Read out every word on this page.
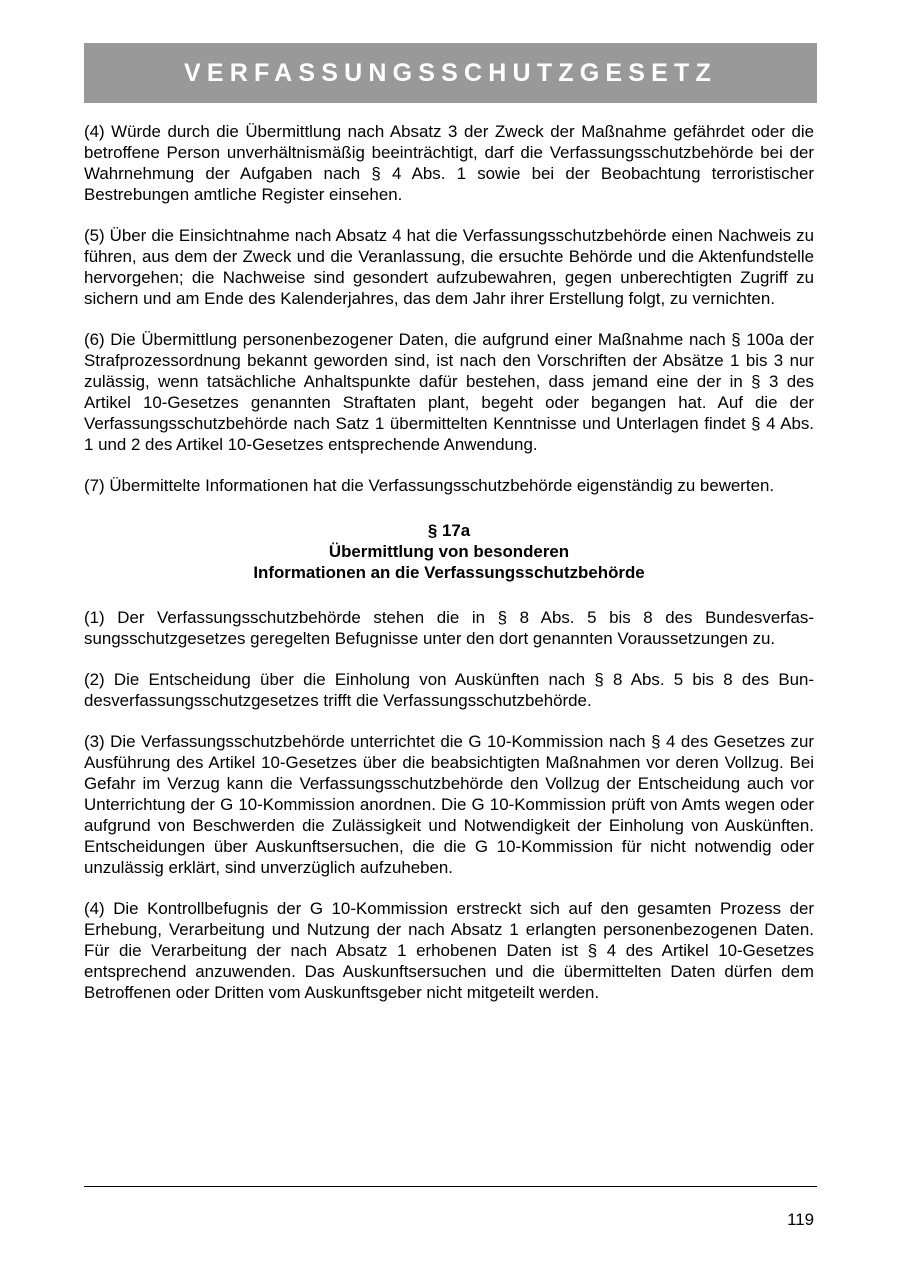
VERFASSUNGSSCHUTZGESETZ

(4) Würde durch die Übermittlung nach Absatz 3 der Zweck der Maßnahme gefährdet oder die betroffene Person unverhältnismäßig beeinträchtigt, darf die Verfassungsschutzbehörde bei der Wahrnehmung der Aufgaben nach § 4 Abs. 1 sowie bei der Beobachtung terroristischer Bestrebungen amtliche Register einsehen.

(5) Über die Einsichtnahme nach Absatz 4 hat die Verfassungsschutzbehörde einen Nachweis zu führen, aus dem der Zweck und die Veranlassung, die ersuchte Behörde und die Aktenfundstelle hervorgehen; die Nachweise sind gesondert aufzubewahren, gegen unberechtigten Zugriff zu sichern und am Ende des Kalenderjahres, das dem Jahr ihrer Erstellung folgt, zu vernichten.

(6) Die Übermittlung personenbezogener Daten, die aufgrund einer Maßnahme nach § 100a der Strafprozessordnung bekannt geworden sind, ist nach den Vorschriften der Absätze 1 bis 3 nur zulässig, wenn tatsächliche Anhaltspunkte dafür bestehen, dass jemand eine der in § 3 des Artikel 10-Gesetzes genannten Straftaten plant, begeht oder begangen hat. Auf die der Verfassungsschutzbehörde nach Satz 1 übermittelten Kenntnisse und Unterlagen findet § 4 Abs. 1 und 2 des Artikel 10-Gesetzes entsprechende Anwendung.

(7) Übermittelte Informationen hat die Verfassungsschutzbehörde eigenständig zu bewerten.

§ 17a
Übermittlung von besonderen
Informationen an die Verfassungsschutzbehörde

(1) Der Verfassungsschutzbehörde stehen die in § 8 Abs. 5 bis 8 des Bundesverfassungsschutzgesetzes geregelten Befugnisse unter den dort genannten Voraussetzungen zu.

(2) Die Entscheidung über die Einholung von Auskünften nach § 8 Abs. 5 bis 8 des Bundesverfassungsschutzgesetzes trifft die Verfassungsschutzbehörde.

(3) Die Verfassungsschutzbehörde unterrichtet die G 10-Kommission nach § 4 des Gesetzes zur Ausführung des Artikel 10-Gesetzes über die beabsichtigten Maßnahmen vor deren Vollzug. Bei Gefahr im Verzug kann die Verfassungsschutzbehörde den Vollzug der Entscheidung auch vor Unterrichtung der G 10-Kommission anordnen. Die G 10-Kommission prüft von Amts wegen oder aufgrund von Beschwerden die Zulässigkeit und Notwendigkeit der Einholung von Auskünften. Entscheidungen über Auskunftsersuchen, die die G 10-Kommission für nicht notwendig oder unzulässig erklärt, sind unverzüglich aufzuheben.

(4) Die Kontrollbefugnis der G 10-Kommission erstreckt sich auf den gesamten Prozess der Erhebung, Verarbeitung und Nutzung der nach Absatz 1 erlangten personenbezogenen Daten. Für die Verarbeitung der nach Absatz 1 erhobenen Daten ist § 4 des Artikel 10-Gesetzes entsprechend anzuwenden. Das Auskunftsersuchen und die übermittelten Daten dürfen dem Betroffenen oder Dritten vom Auskunftsgeber nicht mitgeteilt werden.

119
